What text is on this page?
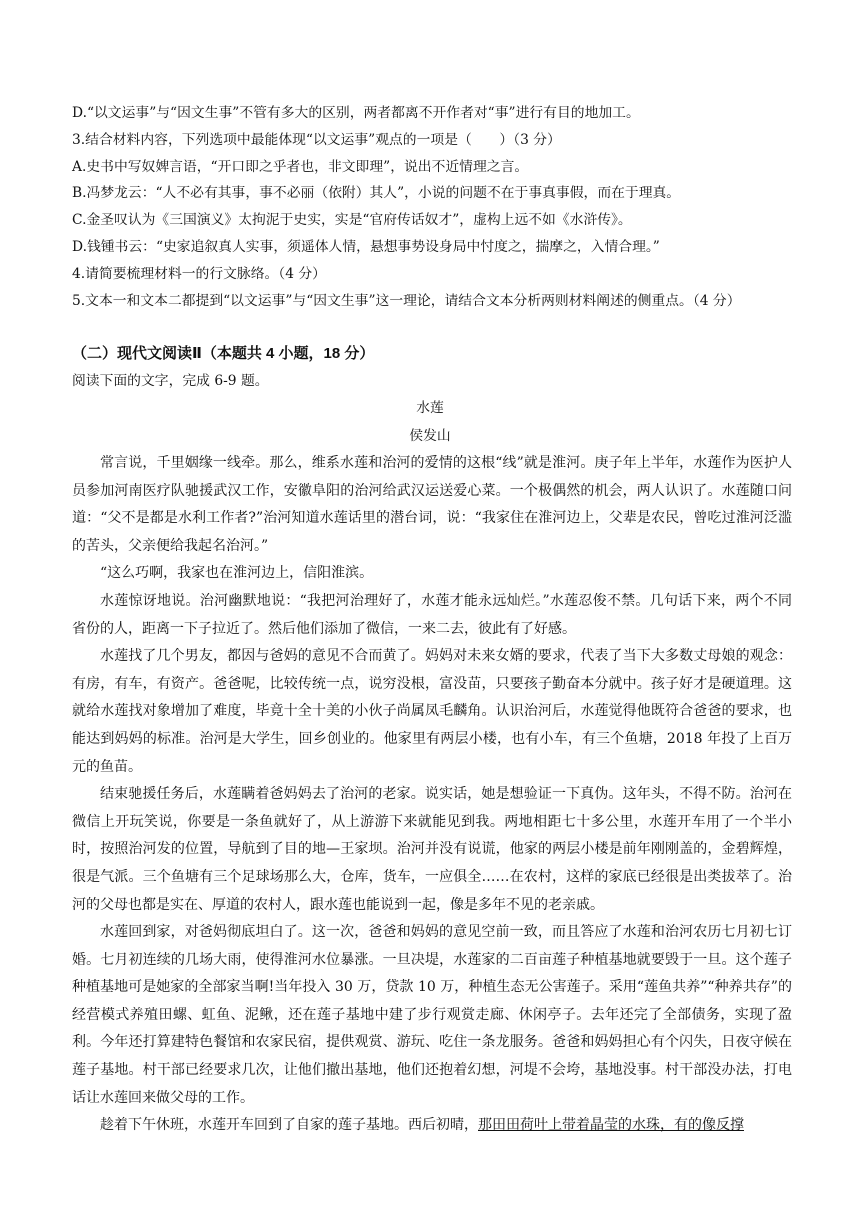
D.“以文运事”与“因文生事”不管有多大的区别，两者都离不开作者对“事”进行有目的地加工。

3.结合材料内容，下列选项中最能体现“以文运事”观点的一项是（　　）（3 分）

A.史书中写奴婢言语，“开口即之乎者也，非文即理”，说出不近情理之言。

B.冯梦龙云：“人不必有其事，事不必丽（依附）其人”，小说的问题不在于事真事假，而在于理真。

C.金圣叹认为《三国演义》太拘泥于史实，实是“官府传话奴才”，虚构上远不如《水浒传》。

D.钱锺书云：“史家追叙真人实事，须遥体人情，悬想事势设身局中忖度之，揣摩之，入情合理。”

4.请简要梳理材料一的行文脉络。（4 分）

5.文本一和文本二都提到“以文运事”与“因文生事”这一理论，请结合文本分析两则材料阐述的侧重点。（4 分）

（二）现代文阅读Ⅱ（本题共 4 小题，18 分）
阅读下面的文字，完成 6-9 题。
水莲
侯发山

常言说，千里姻缘一线牵。那么，维系水莲和治河的爱情的这根“线”就是淮河。庚子年上半年，水莲作为医护人员参加河南医疗队驰援武汉工作，安徽阜阳的治河给武汉运送爱心菜。一个极偶然的机会，两人认识了。水莲随口问道：“父不是都是水利工作者?”治河知道水莲话里的潜台词，说：“我家住在淮河边上，父辈是农民，曾吃过淮河泛滥的苦头，父亲便给我起名治河。”

“这么巧啊，我家也在淮河边上，信阳淮滨。

水莲惊讶地说。治河幽默地说：“我把河治理好了，水莲才能永远灿烂。”水莲忍俊不禁。几句话下来，两个不同省份的人，距离一下子拉近了。然后他们添加了微信，一来二去，彼此有了好感。

水莲找了几个男友，都因与爸妈的意见不合而黄了。妈妈对未来女婿的要求，代表了当下大多数丈母娘的观念：有房，有车，有资产。爸爸呢，比较传统一点，说穷没根，富没苗，只要孩子勤奋本分就中。孩子好才是硬道理。这就给水莲找对象增加了难度，毕竟十全十美的小伙子尚属凤毛麟角。认识治河后，水莲觉得他既符合爸爸的要求，也能达到妈妈的标准。治河是大学生，回乡创业的。他家里有两层小楼，也有小车，有三个鱼塘，2018 年投了上百万元的鱼苗。

结束驰援任务后，水莲瞒着爸妈妈去了治河的老家。说实话，她是想验证一下真伪。这年头，不得不防。治河在微信上开玩笑说，你要是一条鱼就好了，从上游游下来就能见到我。两地相距七十多公里，水莲开车用了一个半小时，按照治河发的位置，导航到了目的地—王家坝。治河并没有说谎，他家的两层小楼是前年刚刚盖的，金碧辉煌，很是气派。三个鱼塘有三个足球场那么大，仓库，货车，一应俱全……在农村，这样的家底已经很是出类拔萃了。治河的父母也都是实在、厚道的农村人，跟水莲也能说到一起，像是多年不见的老亲戚。

水莲回到家，对爸妈彻底坦白了。这一次，爸爸和妈妈的意见空前一致，而且答应了水莲和治河农历七月初七订婚。七月初连续的几场大雨，使得淮河水位暴涨。一旦决堤，水莲家的二百亩莲子种植基地就要毁于一旦。这个莲子种植基地可是她家的全部家当啊!当年投入 30 万，贷款 10 万，种植生态无公害莲子。采用“莲鱼共养”“种养共存”的经营模式养殖田螺、虹鱼、泥鳅，还在莲子基地中建了步行观赏走廊、休闲亭子。去年还完了全部债务，实现了盈利。今年还打算建特色餐馆和农家民宿，提供观赏、游玩、吃住一条龙服务。爸爸和妈妈担心有个闪失，日夜守候在莲子基地。村干部已经要求几次，让他们撤出基地，他们还抱着幻想，河堤不会垮，基地没事。村干部没办法，打电话让水莲回来做父母的工作。

趁着下午休班，水莲开车回到了自家的莲子基地。西后初晴，那田田荷叶上带着晶莹的水珠，有的像反撑
